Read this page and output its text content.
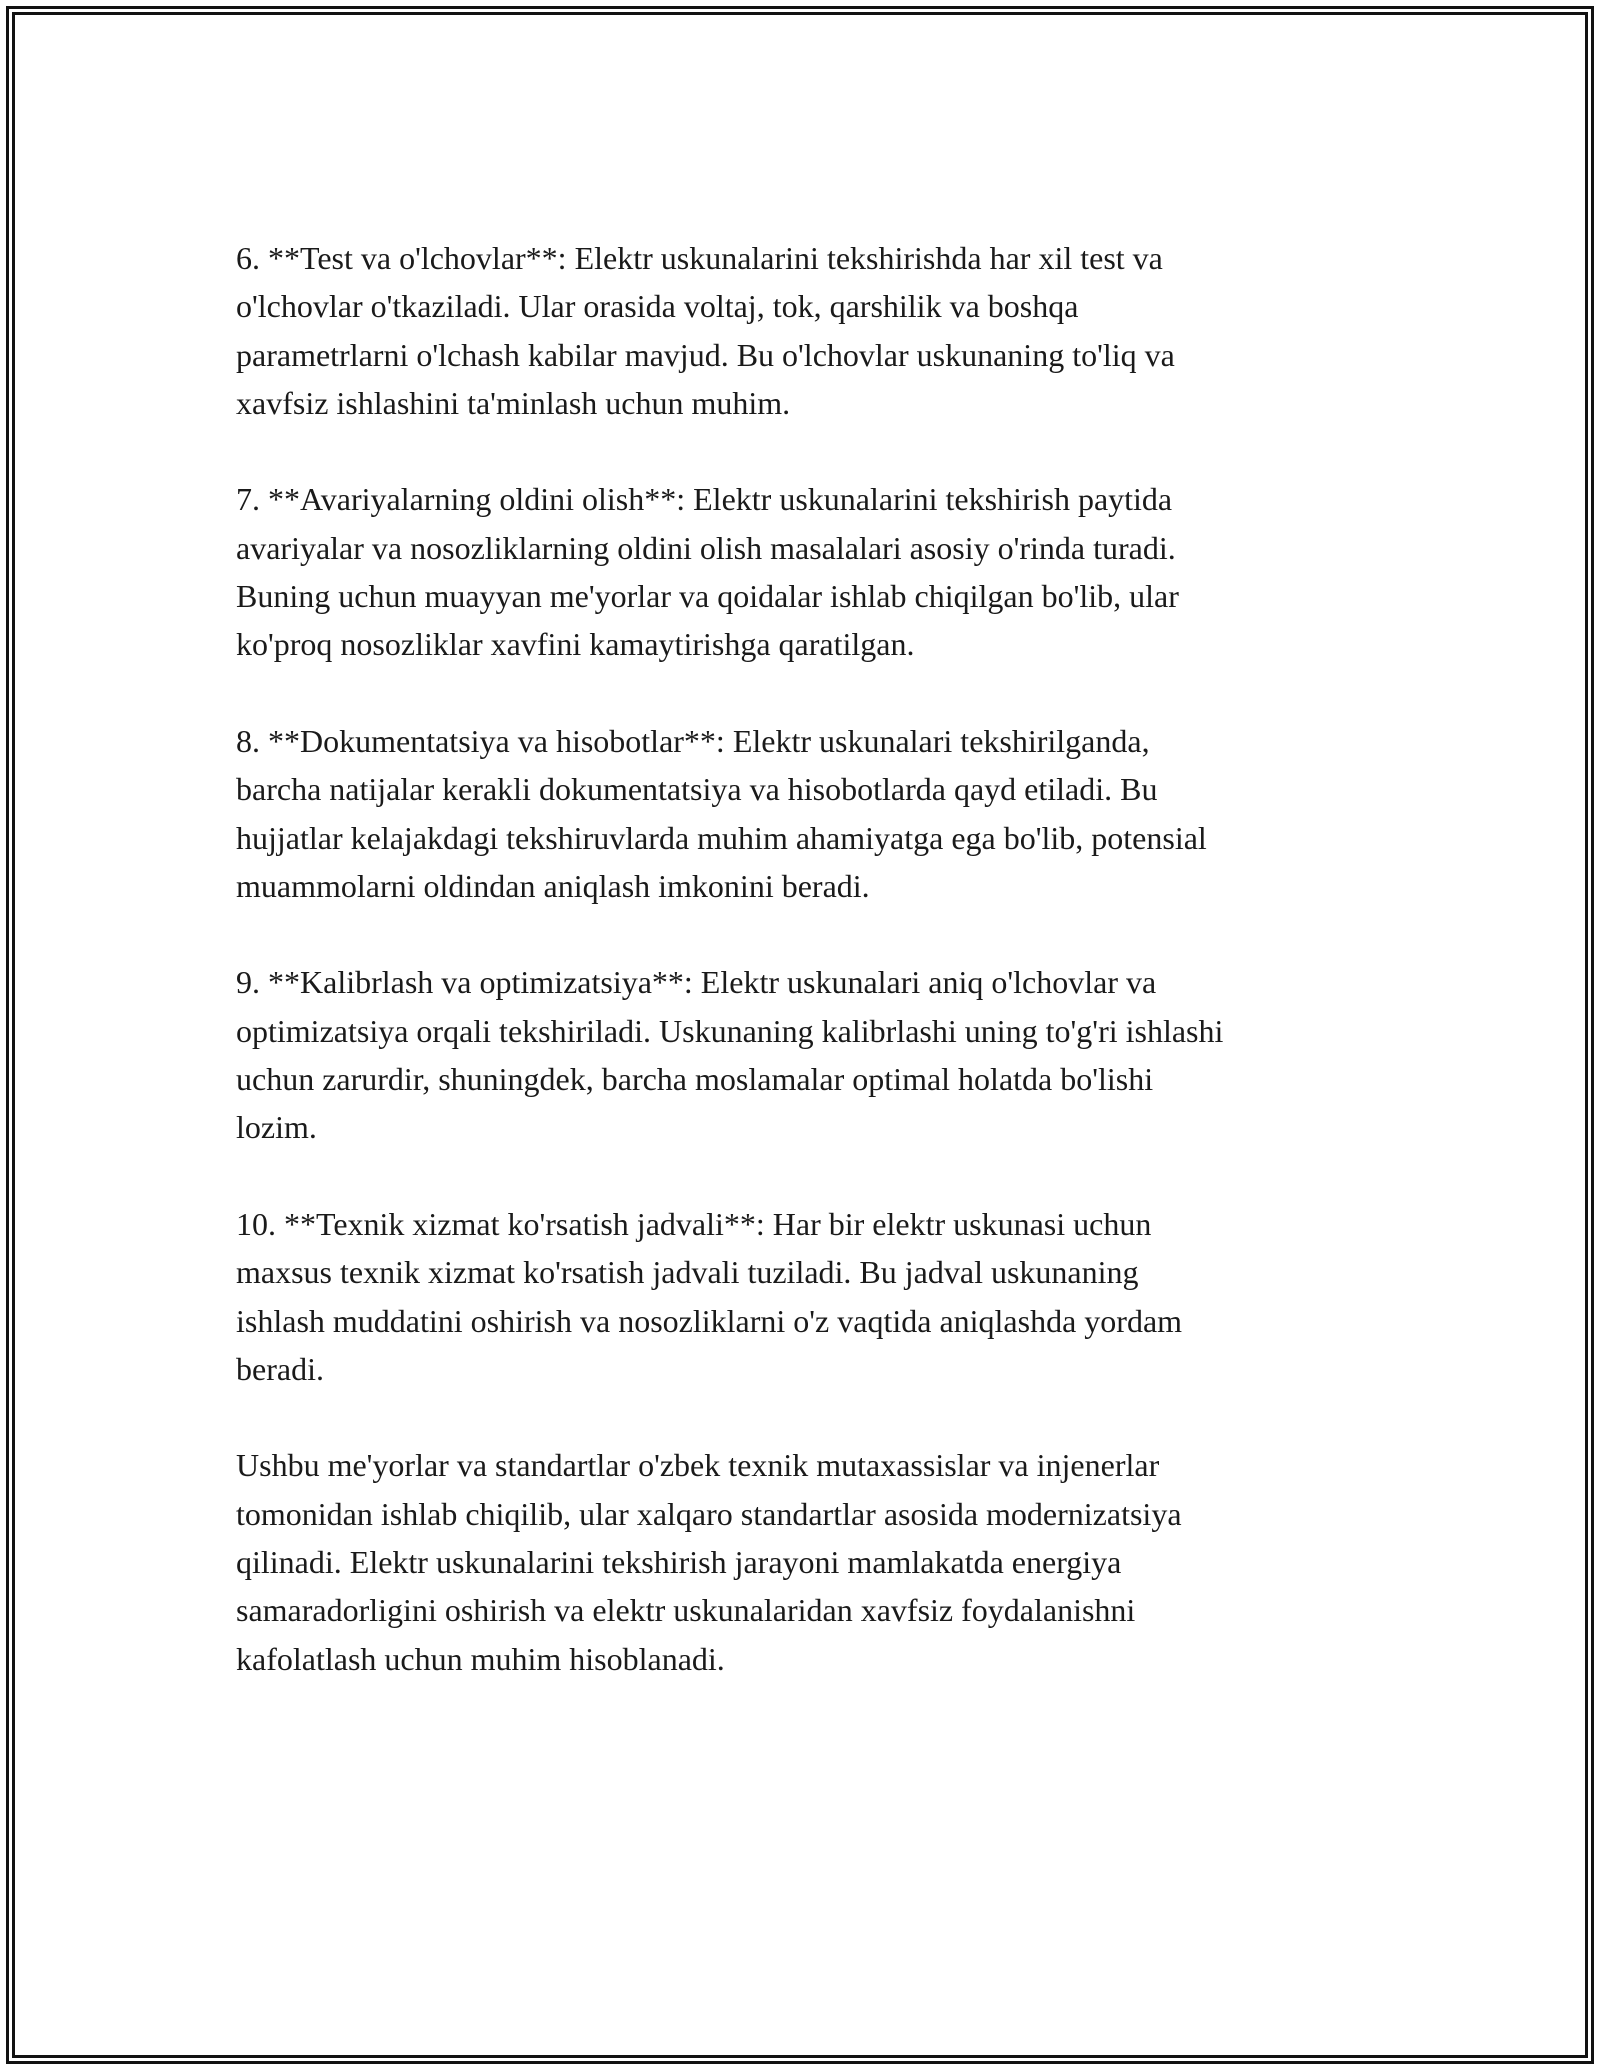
6. **Test va o'lchovlar**: Elektr uskunalarini tekshirishda har xil test va
o'lchovlar o'tkaziladi. Ular orasida voltaj, tok, qarshilik va boshqa
parametrlarni o'lchash kabilar mavjud. Bu o'lchovlar uskunaning to'liq va
xavfsiz ishlashini ta'minlash uchun muhim.

7. **Avariyalarning oldini olish**: Elektr uskunalarini tekshirish paytida
avariyalar va nosozliklarning oldini olish masalalari asosiy o'rinda turadi.
Buning uchun muayyan me'yorlar va qoidalar ishlab chiqilgan bo'lib, ular
ko'proq nosozliklar xavfini kamaytirishga qaratilgan.

8. **Dokumentatsiya va hisobotlar**: Elektr uskunalari tekshirilganda,
barcha natijalar kerakli dokumentatsiya va hisobotlarda qayd etiladi. Bu
hujjatlar kelajakdagi tekshiruvlarda muhim ahamiyatga ega bo'lib, potensial
muammolarni oldindan aniqlash imkonini beradi.

9. **Kalibrlash va optimizatsiya**: Elektr uskunalari aniq o'lchovlar va
optimizatsiya orqali tekshiriladi. Uskunaning kalibrlashi uning to'g'ri ishlashi
uchun zarurdir, shuningdek, barcha moslamalar optimal holatda bo'lishi
lozim.

10. **Texnik xizmat ko'rsatish jadvali**: Har bir elektr uskunasi uchun
maxsus texnik xizmat ko'rsatish jadvali tuziladi. Bu jadval uskunaning
ishlash muddatini oshirish va nosozliklarni o'z vaqtida aniqlashda yordam
beradi.

Ushbu me'yorlar va standartlar o'zbek texnik mutaxassislar va injenerlar
tomonidan ishlab chiqilib, ular xalqaro standartlar asosida modernizatsiya
qilinadi. Elektr uskunalarini tekshirish jarayoni mamlakatda energiya
samaradorligini oshirish va elektr uskunalaridan xavfsiz foydalanishni
kafolatlash uchun muhim hisoblanadi.
